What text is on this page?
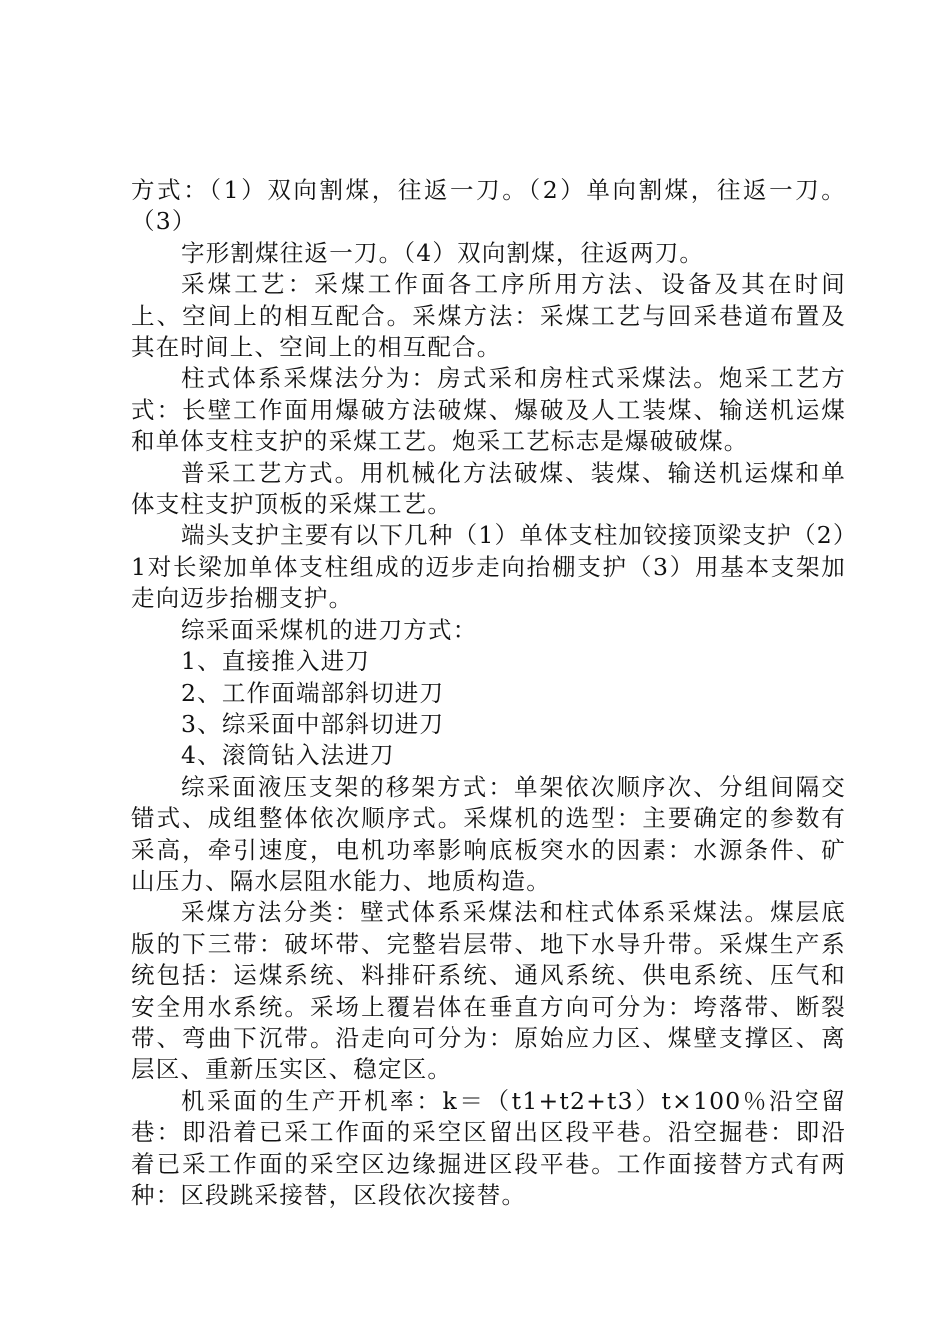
方式：（1）双向割煤，往返一刀。（2）单向割煤，往返一刀。（3）

字形割煤往返一刀。（4）双向割煤，往返两刀。

采煤工艺：采煤工作面各工序所用方法、设备及其在时间上、空间上的相互配合。采煤方法：采煤工艺与回采巷道布置及其在时间上、空间上的相互配合。

柱式体系采煤法分为：房式采和房柱式采煤法。炮采工艺方式：长壁工作面用爆破方法破煤、爆破及人工装煤、输送机运煤和单体支柱支护的采煤工艺。炮采工艺标志是爆破破煤。

普采工艺方式。用机械化方法破煤、装煤、输送机运煤和单体支柱支护顶板的采煤工艺。

端头支护主要有以下几种（1）单体支柱加铰接顶梁支护（2）1对长梁加单体支柱组成的迈步走向抬棚支护（3）用基本支架加走向迈步抬棚支护。

综采面采煤机的进刀方式：

1、直接推入进刀

2、工作面端部斜切进刀

3、综采面中部斜切进刀

4、滚筒钻入法进刀

综采面液压支架的移架方式：单架依次顺序次、分组间隔交错式、成组整体依次顺序式。采煤机的选型：主要确定的参数有采高，牵引速度，电机功率影响底板突水的因素：水源条件、矿山压力、隔水层阻水能力、地质构造。

采煤方法分类：壁式体系采煤法和柱式体系采煤法。煤层底版的下三带：破坏带、完整岩层带、地下水导升带。采煤生产系统包括：运煤系统、料排矸系统、通风系统、供电系统、压气和安全用水系统。采场上覆岩体在垂直方向可分为：垮落带、断裂带、弯曲下沉带。沿走向可分为：原始应力区、煤壁支撑区、离层区、重新压实区、稳定区。

机采面的生产开机率：k＝（t1+t2+t3）t×100％沿空留巷：即沿着已采工作面的采空区留出区段平巷。沿空掘巷：即沿着已采工作面的采空区边缘掘进区段平巷。工作面接替方式有两种：区段跳采接替，区段依次接替。
